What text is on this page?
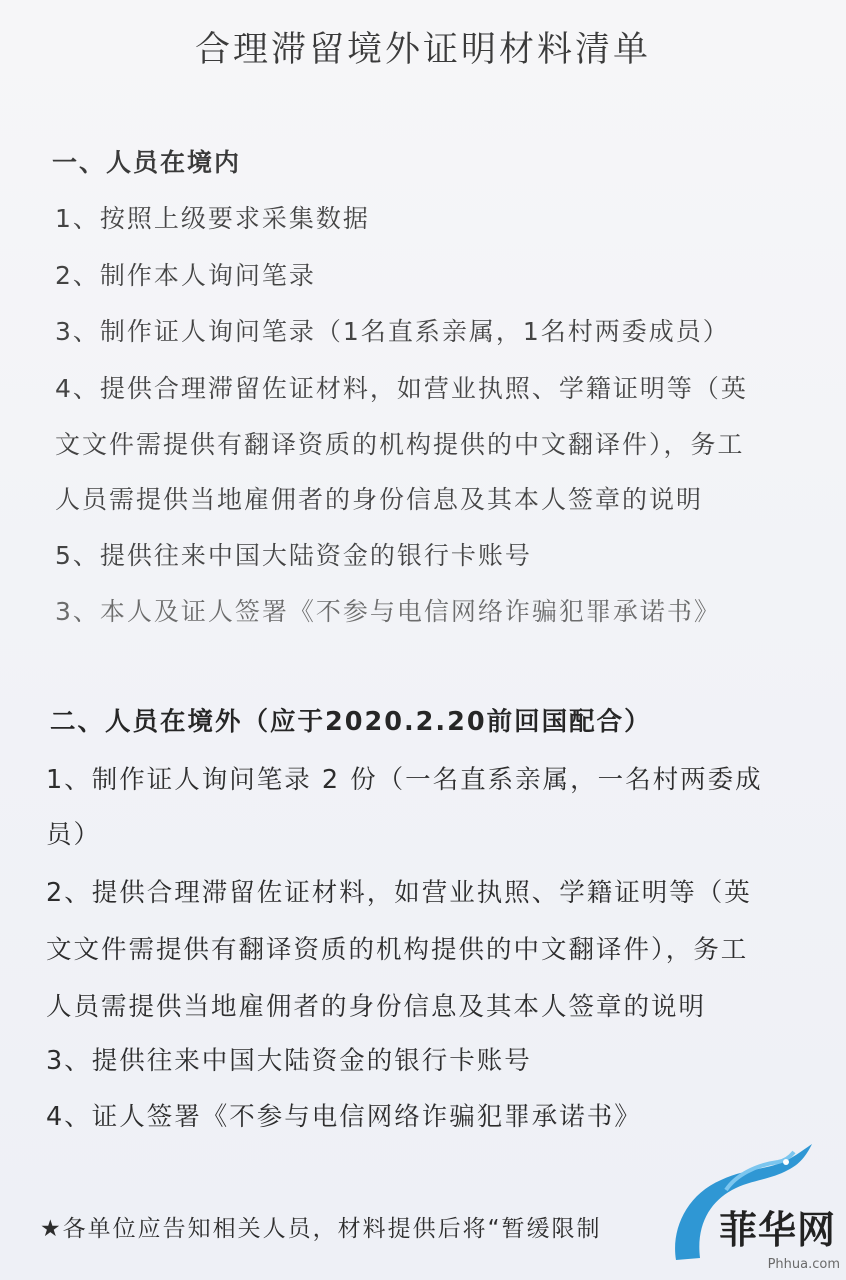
合理滞留境外证明材料清单
一、人员在境内
1、按照上级要求采集数据
2、制作本人询问笔录
3、制作证人询问笔录（1名直系亲属，1名村两委成员）
4、提供合理滞留佐证材料，如营业执照、学籍证明等（英
文文件需提供有翻译资质的机构提供的中文翻译件），务工
人员需提供当地雇佣者的身份信息及其本人签章的说明
5、提供往来中国大陆资金的银行卡账号
3、本人及证人签署《不参与电信网络诈骗犯罪承诺书》
二、人员在境外（应于2020.2.20前回国配合）
1、制作证人询问笔录 2 份（一名直系亲属，一名村两委成
员）
2、提供合理滞留佐证材料，如营业执照、学籍证明等（英
文文件需提供有翻译资质的机构提供的中文翻译件），务工
人员需提供当地雇佣者的身份信息及其本人签章的说明
3、提供往来中国大陆资金的银行卡账号
4、证人签署《不参与电信网络诈骗犯罪承诺书》
★各单位应告知相关人员，材料提供后将“暂缓限制	菲华网
Phhua.com
